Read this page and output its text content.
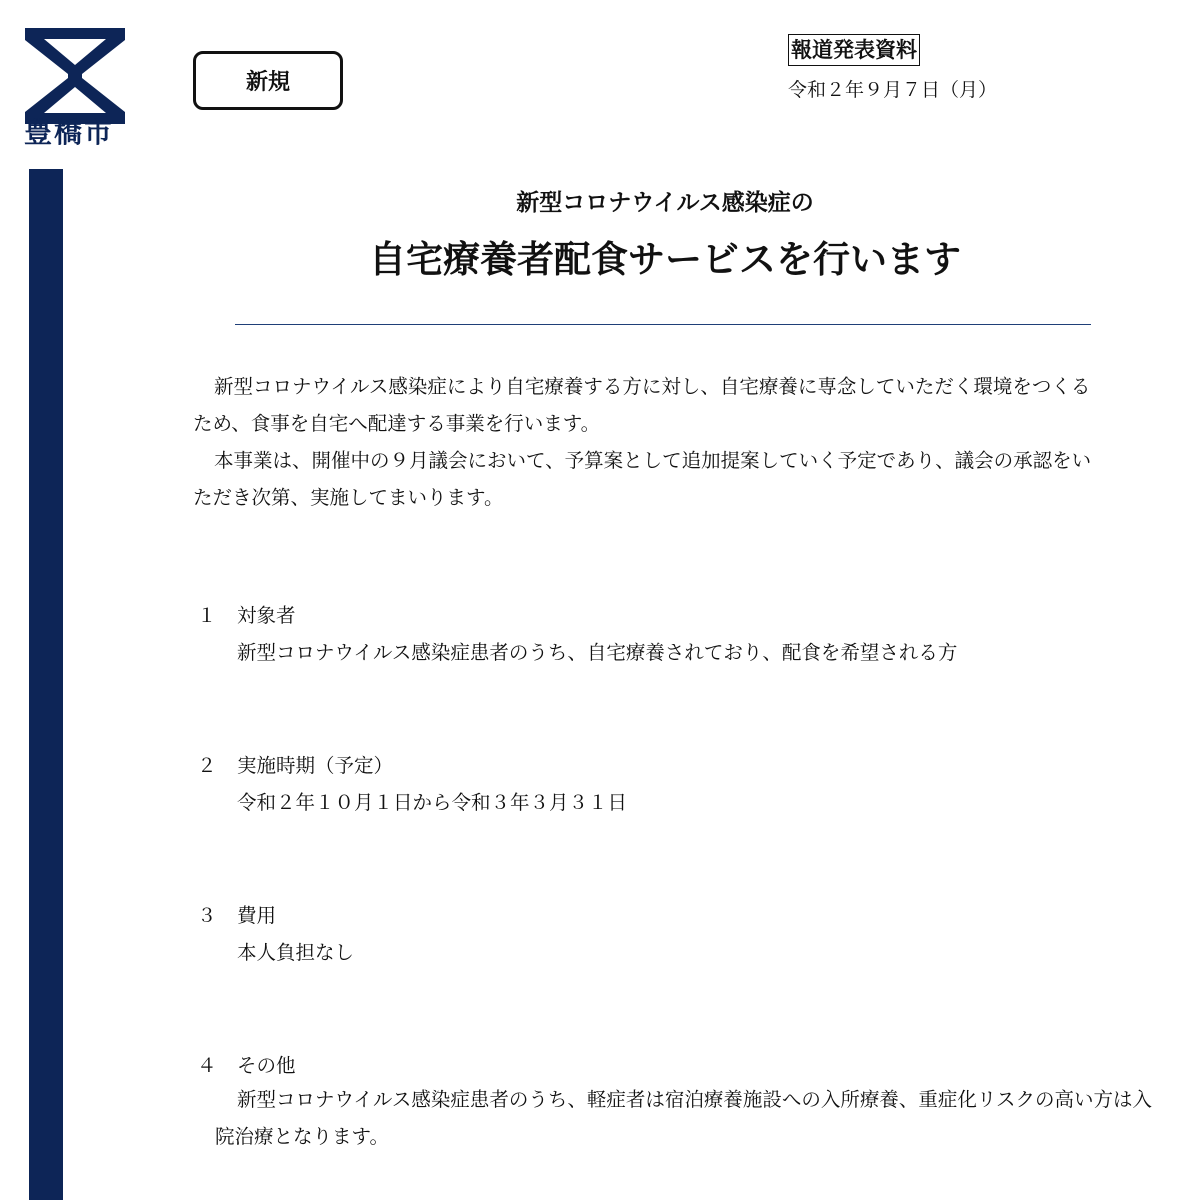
豊橋市
新規
報道発表資料
令和２年９月７日（月）
新型コロナウイルス感染症の
自宅療養者配食サービスを行います

新型コロナウイルス感染症により自宅療養する方に対し、自宅療養に専念していただく環境をつくるため、食事を自宅へ配達する事業を行います。

本事業は、開催中の９月議会において、予算案として追加提案していく予定であり、議会の承認をいただき次第、実施してまいります。

１ 対象者
新型コロナウイルス感染症患者のうち、自宅療養されており、配食を希望される方
２ 実施時期（予定）
令和２年１０月１日から令和３年３月３１日
３ 費用
本人負担なし
４ その他

新型コロナウイルス感染症患者のうち、軽症者は宿泊療養施設への入所療養、重症化リスクの高い方は入院治療となります。
